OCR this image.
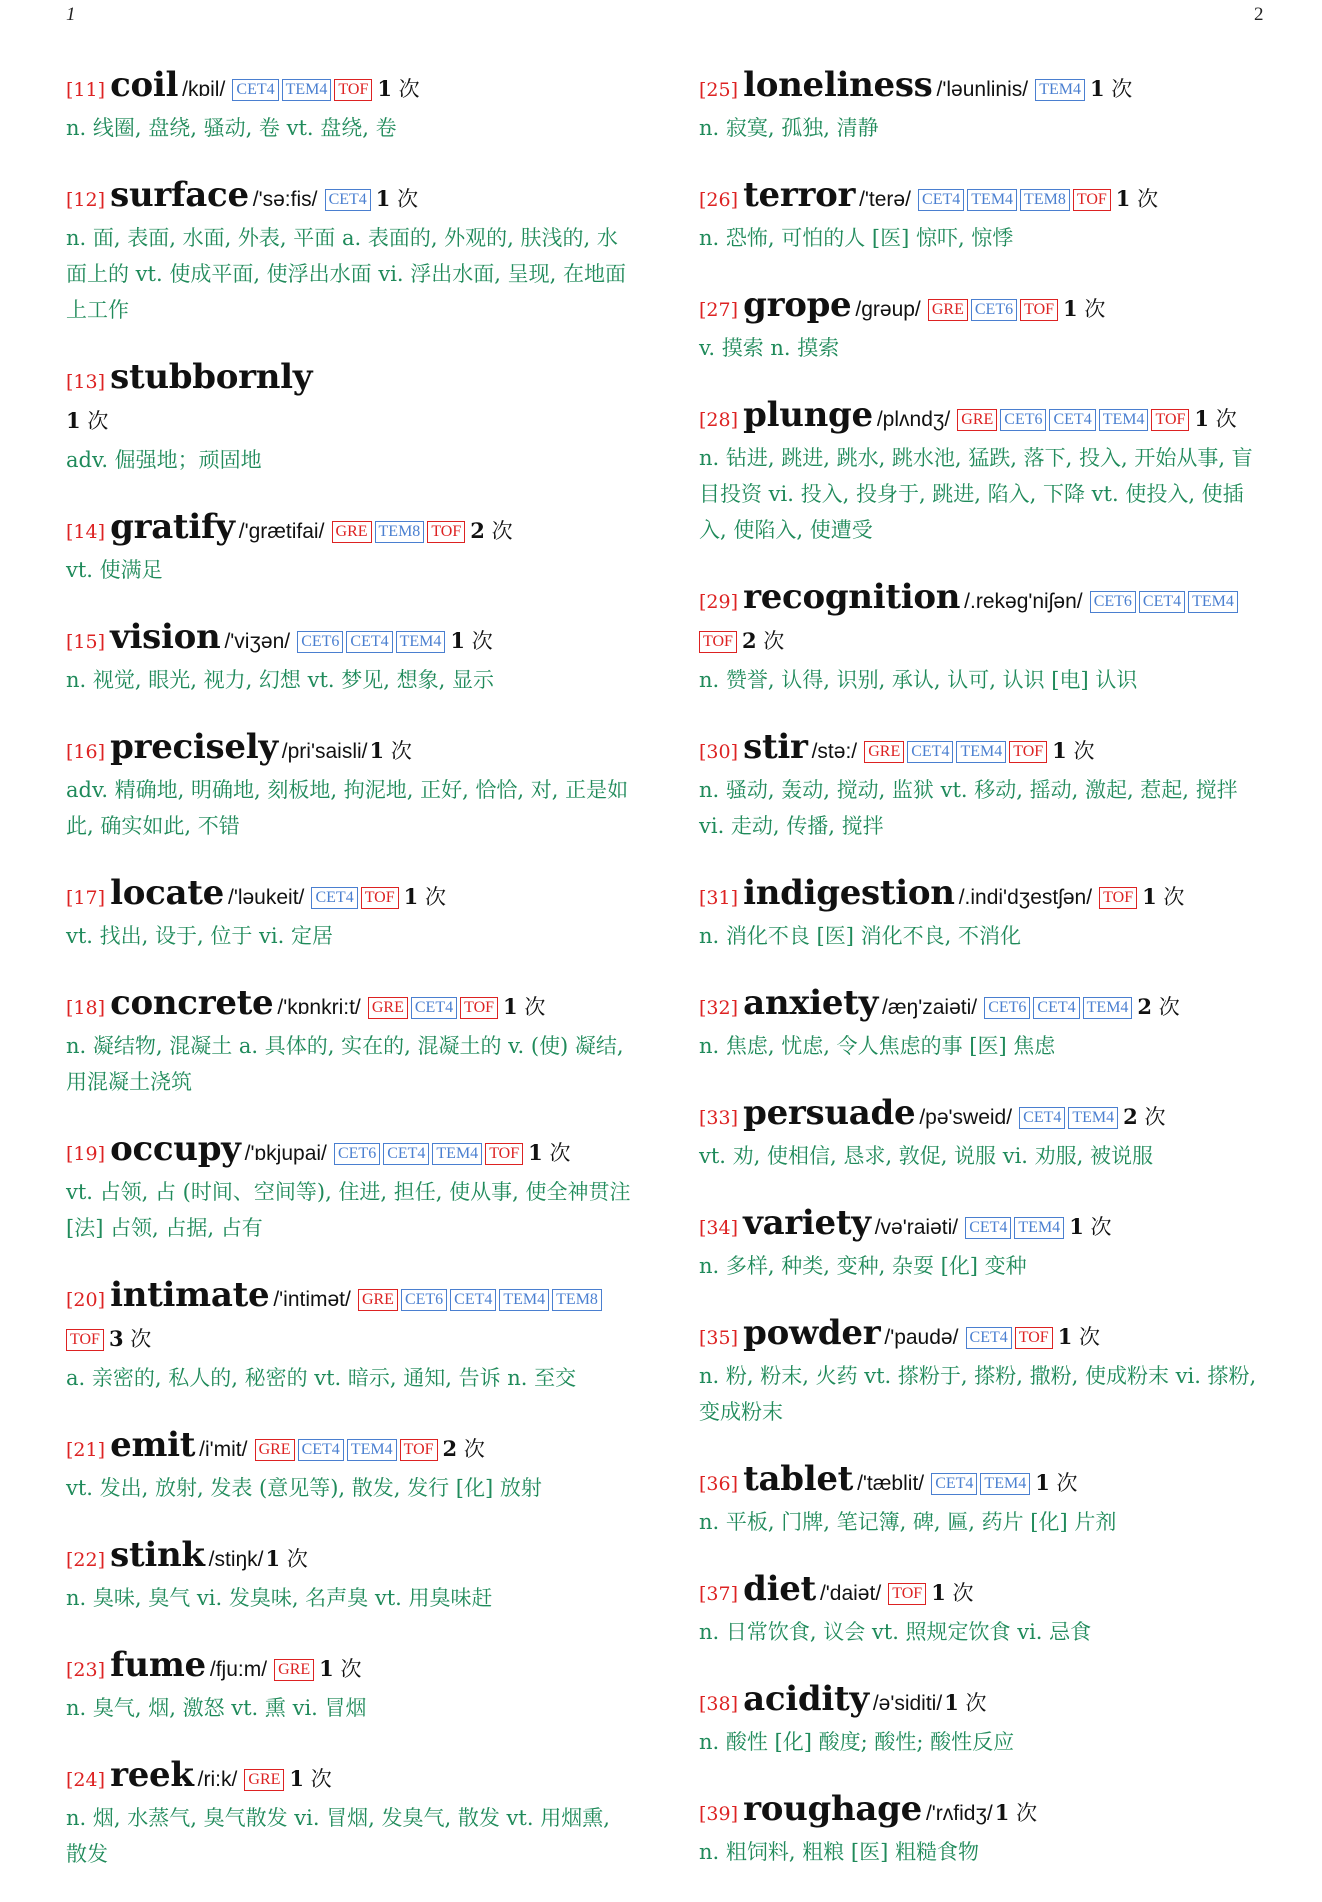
1	2
[11] coil /kɒil/ CET4 TEM4 TOF 1 次
n. 线圈, 盘绕, 骚动, 卷 vt. 盘绕, 卷
[12] surface /'sə:fis/ CET4 1 次
n. 面, 表面, 水面, 外表, 平面 a. 表面的, 外观的, 肤浅的, 水面上的 vt. 使成平面, 使浮出水面 vi. 浮出水面, 呈现, 在地面上工作
[13] stubbornly
1 次
adv. 倔强地；顽固地
[14] gratify /'grætifai/ GRE TEM8 TOF 2 次
vt. 使满足
[15] vision /'viʒən/ CET6 CET4 TEM4 1 次
n. 视觉, 眼光, 视力, 幻想 vt. 梦见, 想象, 显示
[16] precisely /pri'saisli/1 次
adv. 精确地, 明确地, 刻板地, 拘泥地, 正好, 恰恰, 对, 正是如此, 确实如此, 不错
[17] locate /'ləukeit/ CET4 TOF 1 次
vt. 找出, 设于, 位于 vi. 定居
[18] concrete /'kɒnkri:t/ GRE CET4 TOF 1 次
n. 凝结物, 混凝土 a. 具体的, 实在的, 混凝土的 v. (使) 凝结, 用混凝土浇筑
[19] occupy /'ɒkjupai/ CET6 CET4 TEM4 TOF 1 次
vt. 占领, 占 (时间、空间等), 住进, 担任, 使从事, 使全神贯注 [法] 占领, 占据, 占有
[20] intimate /'intimət/ GRE CET6 CET4 TEM4 TEM8TOF 3 次
a. 亲密的, 私人的, 秘密的 vt. 暗示, 通知, 告诉 n. 至交
[21] emit /i'mit/ GRE CET4 TEM4 TOF 2 次
vt. 发出, 放射, 发表 (意见等), 散发, 发行 [化] 放射
[22] stink /stiŋk/1 次
n. 臭味, 臭气 vi. 发臭味, 名声臭 vt. 用臭味赶
[23] fume /fju:m/ GRE 1 次
n. 臭气, 烟, 激怒 vt. 熏 vi. 冒烟
[24] reek /ri:k/ GRE 1 次
n. 烟, 水蒸气, 臭气散发 vi. 冒烟, 发臭气, 散发 vt. 用烟熏, 散发
[25] loneliness /'ləunlinis/ TEM4 1 次
n. 寂寞, 孤独, 清静
[26] terror /'terə/ CET4 TEM4 TEM8 TOF 1 次
n. 恐怖, 可怕的人 [医] 惊吓, 惊悸
[27] grope /grəup/ GRE CET6 TOF 1 次
v. 摸索 n. 摸索
[28] plunge /plʌndʒ/ GRE CET6 CET4 TEM4 TOF 1 次
n. 钻进, 跳进, 跳水, 跳水池, 猛跌, 落下, 投入, 开始从事, 盲目投资 vi. 投入, 投身于, 跳进, 陷入, 下降 vt. 使投入, 使插入, 使陷入, 使遭受
[29] recognition /.rekəg'niʃən/ CET6 CET4 TEM4TOF 2 次
n. 赞誉, 认得, 识别, 承认, 认可, 认识 [电] 认识
[30] stir /stə:/ GRE CET4 TEM4 TOF 1 次
n. 骚动, 轰动, 搅动, 监狱 vt. 移动, 摇动, 激起, 惹起, 搅拌 vi. 走动, 传播, 搅拌
[31] indigestion /.indi'dʒestʃən/ TOF 1 次
n. 消化不良 [医] 消化不良, 不消化
[32] anxiety /æŋ'zaiəti/ CET6 CET4 TEM4 2 次
n. 焦虑, 忧虑, 令人焦虑的事 [医] 焦虑
[33] persuade /pə'sweid/ CET4 TEM4 2 次
vt. 劝, 使相信, 恳求, 敦促, 说服 vi. 劝服, 被说服
[34] variety /və'raiəti/ CET4 TEM4 1 次
n. 多样, 种类, 变种, 杂耍 [化] 变种
[35] powder /'paudə/ CET4 TOF 1 次
n. 粉, 粉末, 火药 vt. 搽粉于, 搽粉, 撒粉, 使成粉末 vi. 搽粉, 变成粉末
[36] tablet /'tæblit/ CET4 TEM4 1 次
n. 平板, 门牌, 笔记簿, 碑, 匾, 药片 [化] 片剂
[37] diet /'daiət/ TOF 1 次
n. 日常饮食, 议会 vt. 照规定饮食 vi. 忌食
[38] acidity /ə'siditi/1 次
n. 酸性 [化] 酸度; 酸性; 酸性反应
[39] roughage /'rʌfidʒ/1 次
n. 粗饲料, 粗粮 [医] 粗糙食物
